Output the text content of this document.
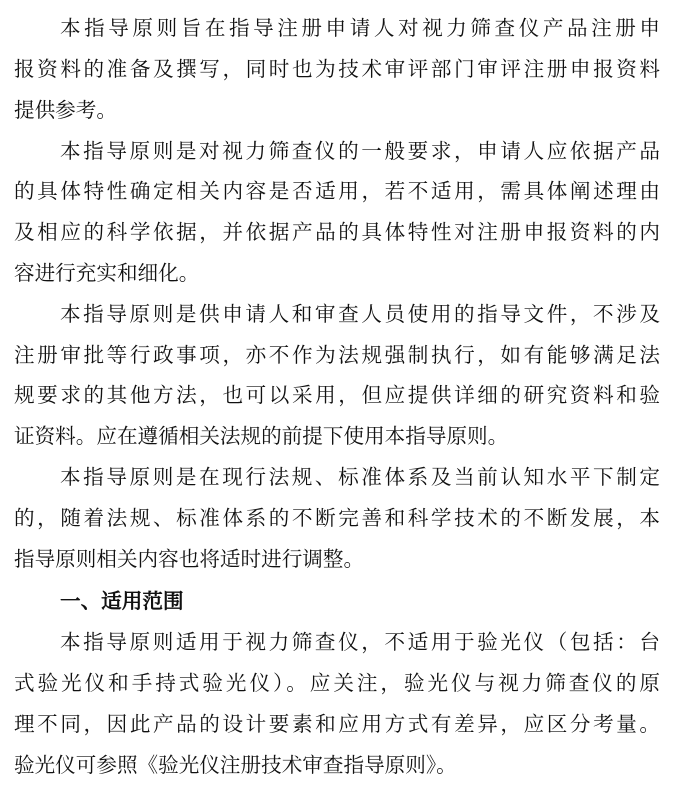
本指导原则旨在指导注册申请人对视力筛查仪产品注册申
报资料的准备及撰写，同时也为技术审评部门审评注册申报资料
提供参考。
本指导原则是对视力筛查仪的一般要求，申请人应依据产品
的具体特性确定相关内容是否适用，若不适用，需具体阐述理由
及相应的科学依据，并依据产品的具体特性对注册申报资料的内
容进行充实和细化。
本指导原则是供申请人和审查人员使用的指导文件，不涉及
注册审批等行政事项，亦不作为法规强制执行，如有能够满足法
规要求的其他方法，也可以采用，但应提供详细的研究资料和验
证资料。应在遵循相关法规的前提下使用本指导原则。
本指导原则是在现行法规、标准体系及当前认知水平下制定
的，随着法规、标准体系的不断完善和科学技术的不断发展，本
指导原则相关内容也将适时进行调整。
一、适用范围
本指导原则适用于视力筛查仪，不适用于验光仪（包括：台
式验光仪和手持式验光仪）。应关注，验光仪与视力筛查仪的原
理不同，因此产品的设计要素和应用方式有差异，应区分考量。
验光仪可参照《验光仪注册技术审查指导原则》。
